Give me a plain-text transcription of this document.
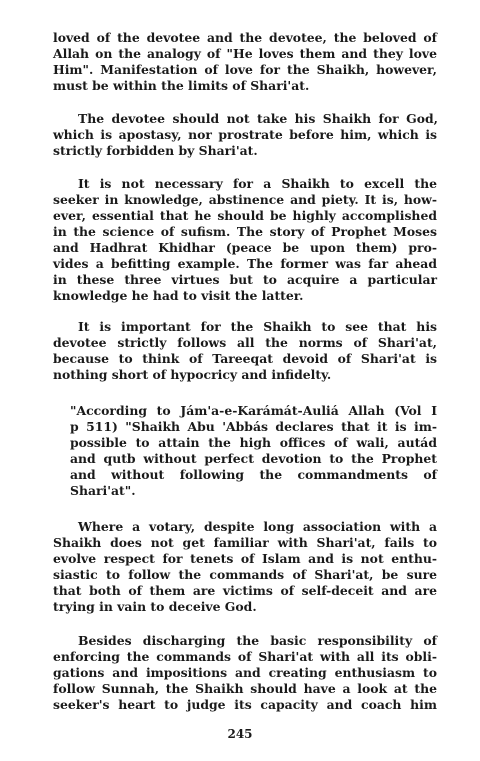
loved of the devotee and the devotee, the beloved of
Allah on the analogy of "He loves them and they love
Him". Manifestation of love for the Shaikh, however,
must be within the limits of Shari'at.
The devotee should not take his Shaikh for God,
which is apostasy, nor prostrate before him, which is
strictly forbidden by Shari'at.
It is not necessary for a Shaikh to excell the
seeker in knowledge, abstinence and piety. It is, how-
ever, essential that he should be highly accomplished
in the science of sufism. The story of Prophet Moses
and Hadhrat Khidhar (peace be upon them) pro-
vides a befitting example. The former was far ahead
in these three virtues but to acquire a particular
knowledge he had to visit the latter.
It is important for the Shaikh to see that his
devotee strictly follows all the norms of Shari'at,
because to think of Tareeqat devoid of Shari'at is
nothing short of hypocricy and infidelty.
"According to Jám'a-e-Karámát-Auliá Allah (Vol I
p 511) "Shaikh Abu 'Abbás declares that it is im-
possible to attain the high offices of wali, autád
and qutb without perfect devotion to the Prophet
and without following the commandments of
Shari'at".
Where a votary, despite long association with a
Shaikh does not get familiar with Shari'at, fails to
evolve respect for tenets of Islam and is not enthu-
siastic to follow the commands of Shari'at, be sure
that both of them are victims of self-deceit and are
trying in vain to deceive God.
Besides discharging the basic responsibility of
enforcing the commands of Shari'at with all its obli-
gations and impositions and creating enthusiasm to
follow Sunnah, the Shaikh should have a look at the
seeker's heart to judge its capacity and coach him
245
